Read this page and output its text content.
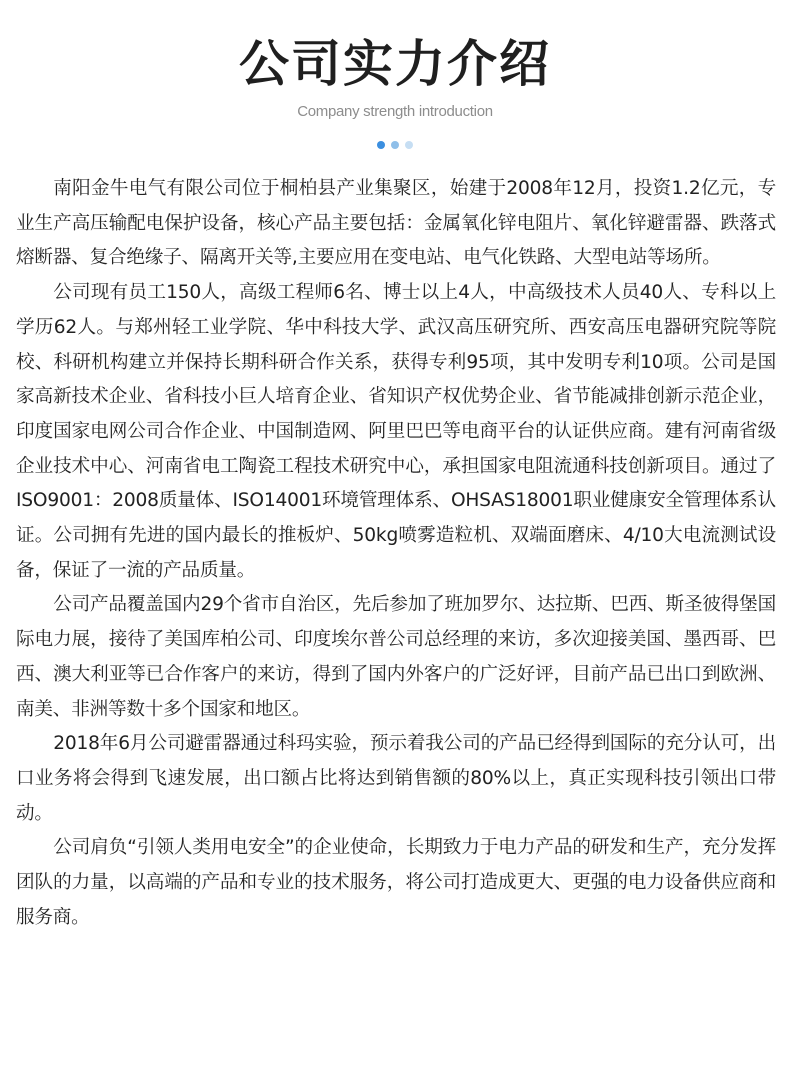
公司实力介绍
Company strength introduction

南阳金牛电气有限公司位于桐柏县产业集聚区，始建于2008年12月，投资1.2亿元，专业生产高压输配电保护设备，核心产品主要包括：金属氧化锌电阻片、氧化锌避雷器、跌落式熔断器、复合绝缘子、隔离开关等,主要应用在变电站、电气化铁路、大型电站等场所。

公司现有员工150人，高级工程师6名、博士以上4人，中高级技术人员40人、专科以上学历62人。与郑州轻工业学院、华中科技大学、武汉高压研究所、西安高压电器研究院等院校、科研机构建立并保持长期科研合作关系，获得专利95项，其中发明专利10项。公司是国家高新技术企业、省科技小巨人培育企业、省知识产权优势企业、省节能减排创新示范企业，印度国家电网公司合作企业、中国制造网、阿里巴巴等电商平台的认证供应商。建有河南省级企业技术中心、河南省电工陶瓷工程技术研究中心，承担国家电阻流通科技创新项目。通过了ISO9001：2008质量体、ISO14001环境管理体系、OHSAS18001职业健康安全管理体系认证。公司拥有先进的国内最长的推板炉、50kg喷雾造粒机、双端面磨床、4/10大电流测试设备，保证了一流的产品质量。

公司产品覆盖国内29个省市自治区，先后参加了班加罗尔、达拉斯、巴西、斯圣彼得堡国际电力展，接待了美国库柏公司、印度埃尔普公司总经理的来访，多次迎接美国、墨西哥、巴西、澳大利亚等已合作客户的来访，得到了国内外客户的广泛好评，目前产品已出口到欧洲、南美、非洲等数十多个国家和地区。

2018年6月公司避雷器通过科玛实验，预示着我公司的产品已经得到国际的充分认可，出口业务将会得到飞速发展，出口额占比将达到销售额的80%以上，真正实现科技引领出口带动。

公司肩负“引领人类用电安全”的企业使命，长期致力于电力产品的研发和生产，充分发挥团队的力量，以高端的产品和专业的技术服务，将公司打造成更大、更强的电力设备供应商和服务商。
